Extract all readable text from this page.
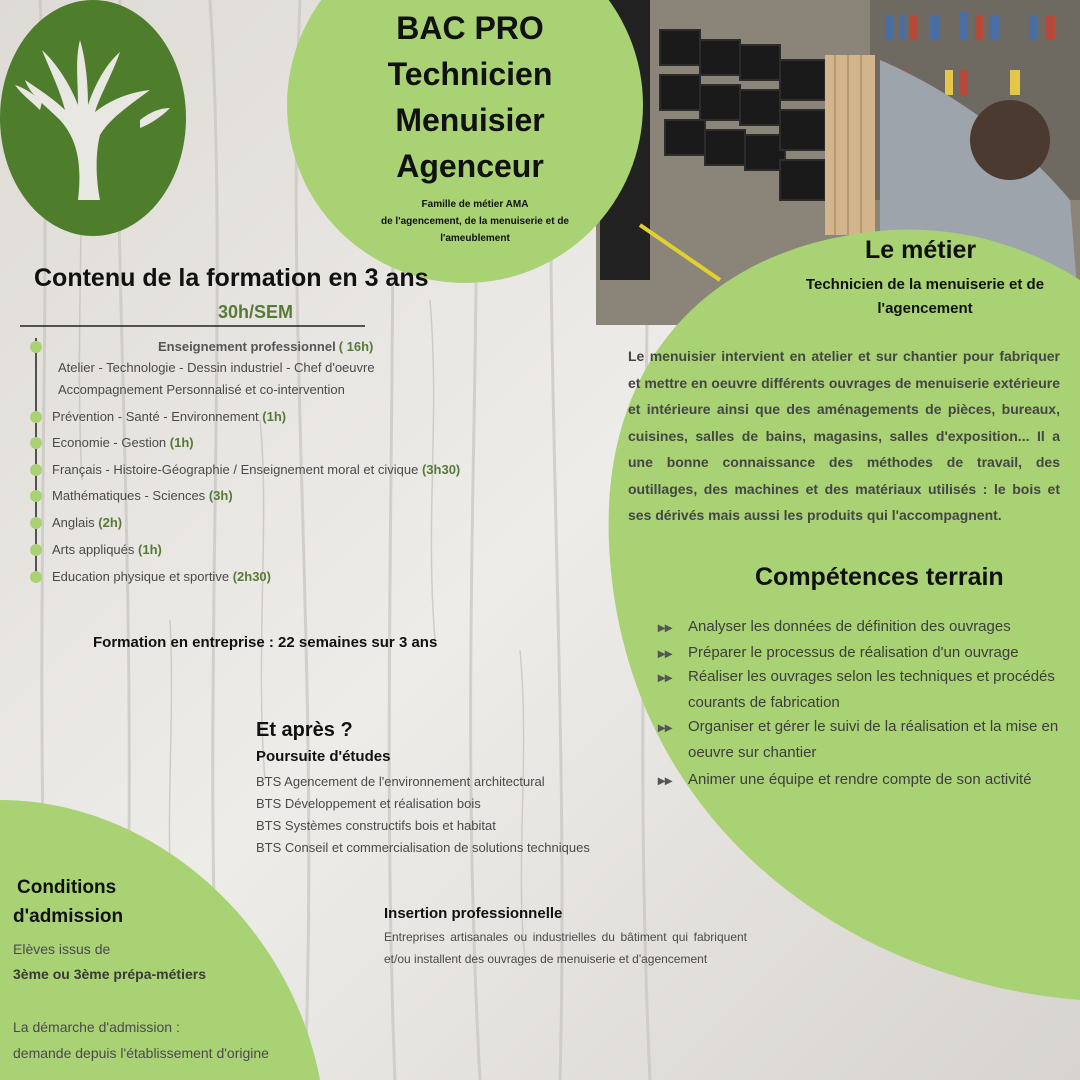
BAC PRO
Technicien
Menuisier
Agenceur
Famille de métier AMA
de l'agencement, de la menuiserie et de
l'ameublement
Contenu de la formation en 3 ans
30h/SEM
Enseignement professionnel ( 16h)
Atelier - Technologie - Dessin industriel - Chef d'oeuvre
Accompagnement Personnalisé et co-intervention
Prévention - Santé - Environnement
(1h)
Economie - Gestion
(1h)
Français - Histoire-Géographie / Enseignement moral et civique
(3h30)
Mathématiques - Sciences
(3h)
Anglais
(2h)
Arts appliqués
(1h)
Education physique et sportive
(2h30)
Formation en entreprise : 22 semaines sur 3 ans
Le métier
Technicien de la menuiserie et de
l'agencement
Le menuisier intervient en atelier et sur chantier pour fabriquer et mettre en oeuvre différents ouvrages de menuiserie extérieure et intérieure ainsi que des aménagements de pièces, bureaux, cuisines, salles de bains, magasins, salles d'exposition... Il a une bonne connaissance des méthodes de travail, des outillages, des machines et des matériaux utilisés : le bois et ses dérivés mais aussi les produits qui l'accompagnent.
Compétences terrain
▸▸	Analyser les données de définition des ouvrages
▸▸	Préparer le processus de réalisation d'un ouvrage
▸▸	Réaliser les ouvrages selon les techniques et procédés courants de fabrication
▸▸	Organiser et gérer le suivi de la réalisation et la mise en oeuvre sur chantier
▸▸	Animer une équipe et rendre compte de son activité
Et après ?
Poursuite d'études
BTS Agencement de l'environnement architectural
BTS Développement et réalisation bois
BTS Systèmes constructifs bois et habitat
BTS Conseil et commercialisation de solutions techniques
Insertion professionnelle
Entreprises artisanales ou industrielles du bâtiment qui fabriquent et/ou installent des ouvrages de menuiserie et d'agencement
Conditions
d'admission
Elèves issus de
3ème ou 3ème prépa-métiers
La démarche d'admission :
demande depuis l'établissement d'origine
